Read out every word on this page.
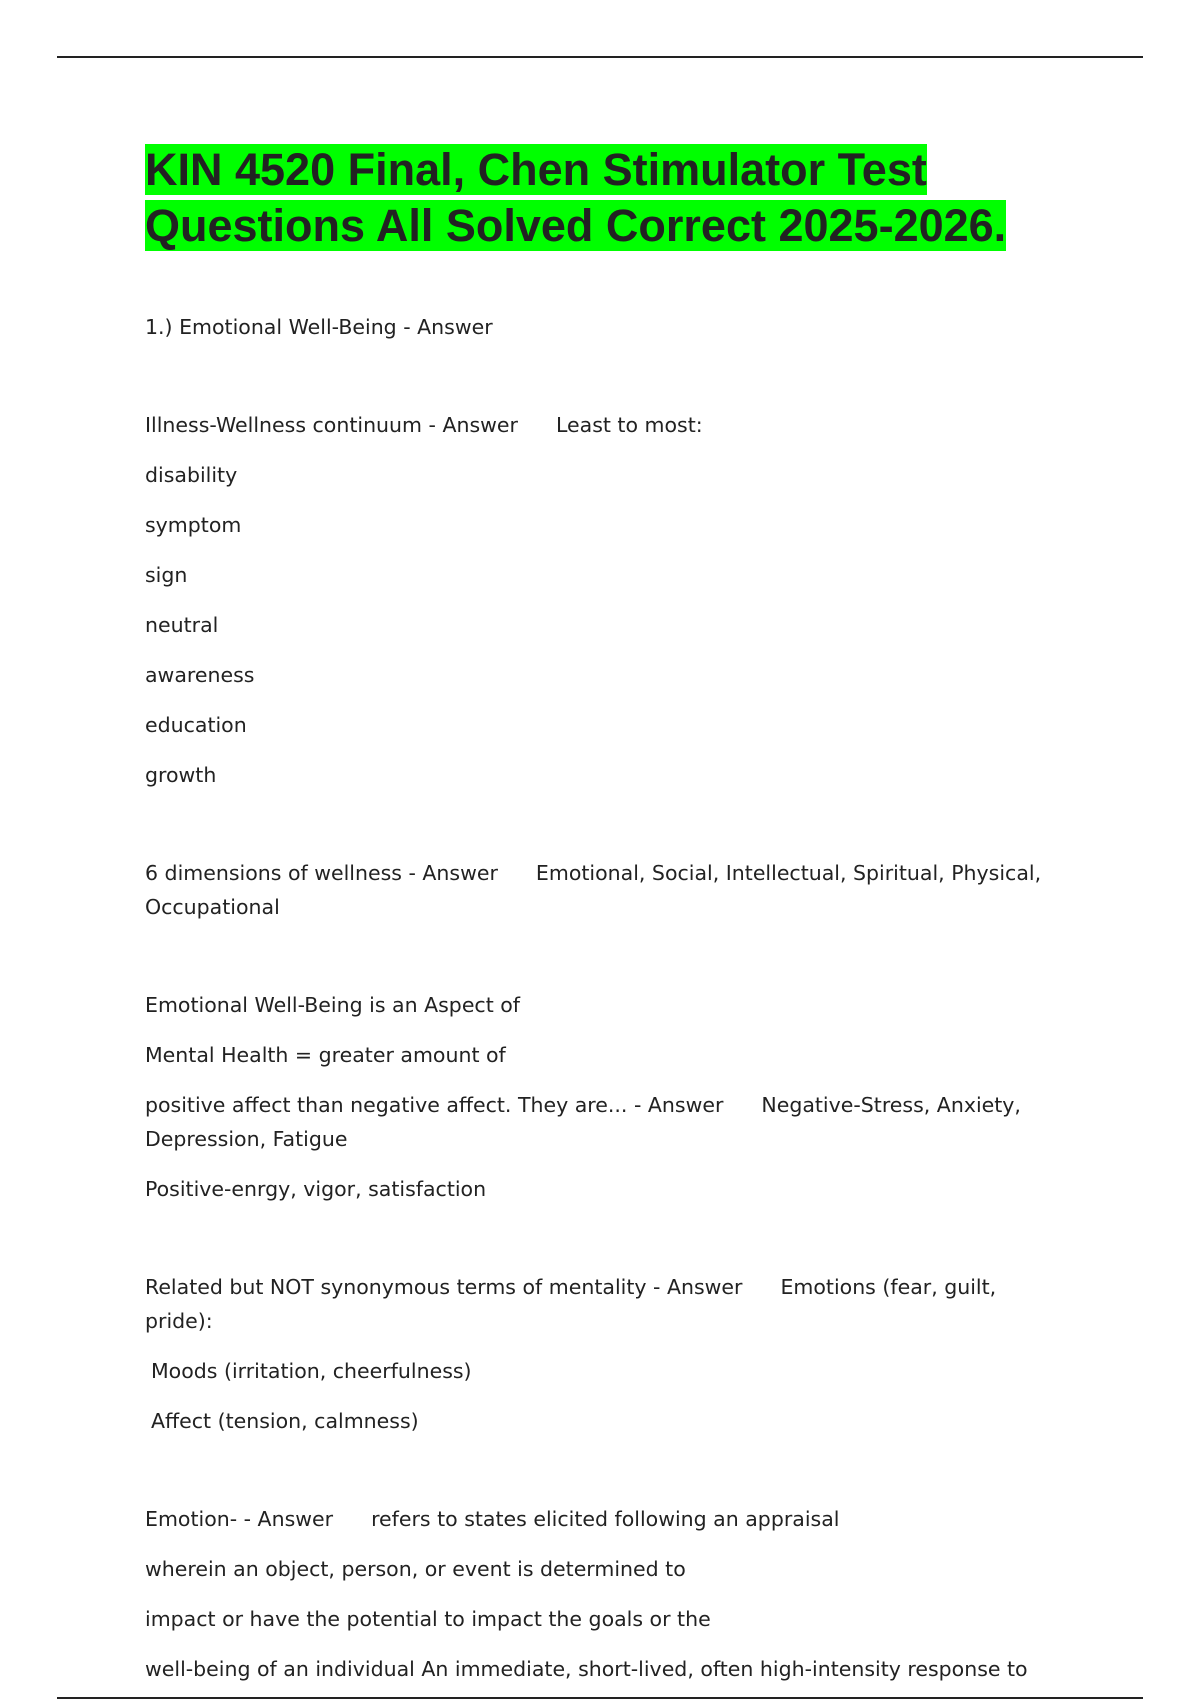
KIN 4520 Final, Chen Stimulator Test Questions All Solved Correct 2025-2026.

1.) Emotional Well-Being - Answer

Illness-Wellness continuum - Answer Least to most:

disability

symptom

sign

neutral

awareness

education

growth

6 dimensions of wellness - Answer Emotional, Social, Intellectual, Spiritual, Physical, Occupational

Emotional Well-Being is an Aspect of

Mental Health = greater amount of

positive affect than negative affect. They are... - Answer Negative-Stress, Anxiety, Depression, Fatigue

Positive-enrgy, vigor, satisfaction

Related but NOT synonymous terms of mentality - Answer Emotions (fear, guilt, pride):

Moods (irritation, cheerfulness)

Affect (tension, calmness)

Emotion- - Answer refers to states elicited following an appraisal

wherein an object, person, or event is determined to

impact or have the potential to impact the goals or the

well-being of an individual An immediate, short-lived, often high-intensity response to
